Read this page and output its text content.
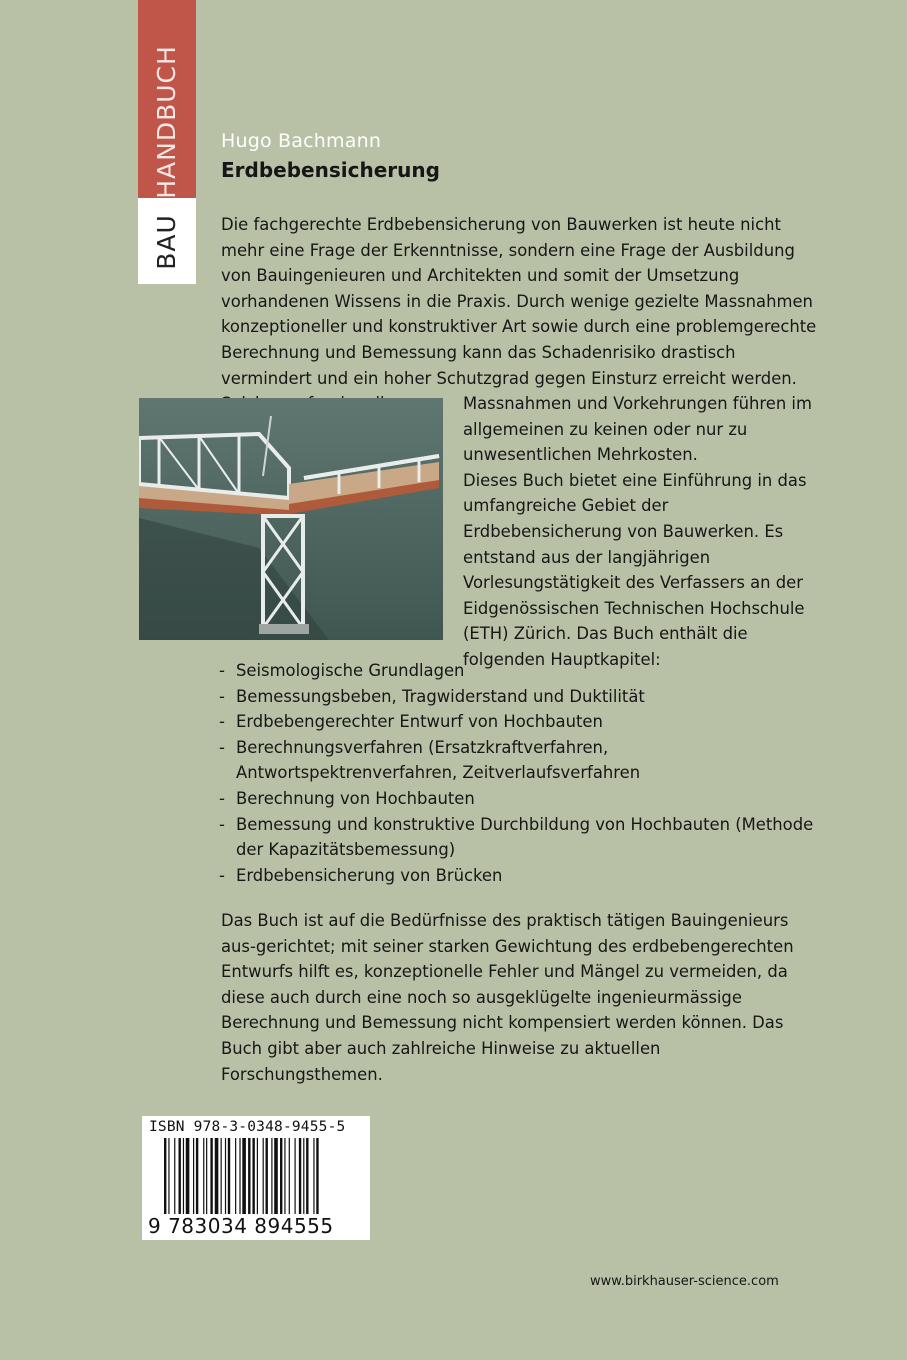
HANDBUCH
BAU
Hugo Bachmann
Erdbebensicherung
Die fachgerechte Erdbebensicherung von Bauwerken ist heute nicht mehr eine Frage der Erkenntnisse, sondern eine Frage der Ausbildung von Bauingenieuren und Architekten und somit der Umsetzung vorhandenen Wissens in die Praxis. Durch wenige gezielte Massnahmen konzeptioneller und konstruktiver Art sowie durch eine problemgerechte Berechnung und Bemessung kann das Schadenrisiko drastisch vermindert und ein hoher Schutzgrad gegen Einsturz erreicht werden.
Massnahmen und Vorkehrungen führen im allgemeinen zu keinen oder nur zu unwesentlichen Mehrkosten.
Dieses Buch bietet eine Einführung in das umfangreiche Gebiet der Erdbebensicherung von Bauwerken. Es entstand aus der langjährigen Vorlesungstätigkeit des Verfassers an der Eidgenössischen Technischen Hochschule (ETH) Zürich. Das Buch enthält die folgenden Hauptkapitel:
- Seismologische Grundlagen
- Bemessungsbeben, Tragwiderstand und Duktilität
- Erdbebengerechter Entwurf von Hochbauten
- Berechnungsverfahren (Ersatzkraftverfahren, Antwortspektrenverfahren, Zeitverlaufsverfahren
- Berechnung von Hochbauten
- Bemessung und konstruktive Durchbildung von Hochbauten (Methode der Kapazitätsbemessung)
- Erdbebensicherung von Brücken
Das Buch ist auf die Bedürfnisse des praktisch tätigen Bauingenieurs aus-gerichtet; mit seiner starken Gewichtung des erdbebengerechten Entwurfs hilft es, konzeptionelle Fehler und Mängel zu vermeiden, da diese auch durch eine noch so ausgeklügelte ingenieurmässige Berechnung und Bemessung nicht kompensiert werden können. Das Buch gibt aber auch zahlreiche Hinweise zu aktuellen Forschungsthemen.
ISBN 978-3-0348-9455-5
9 783034 894555
www.birkhauser-science.com
